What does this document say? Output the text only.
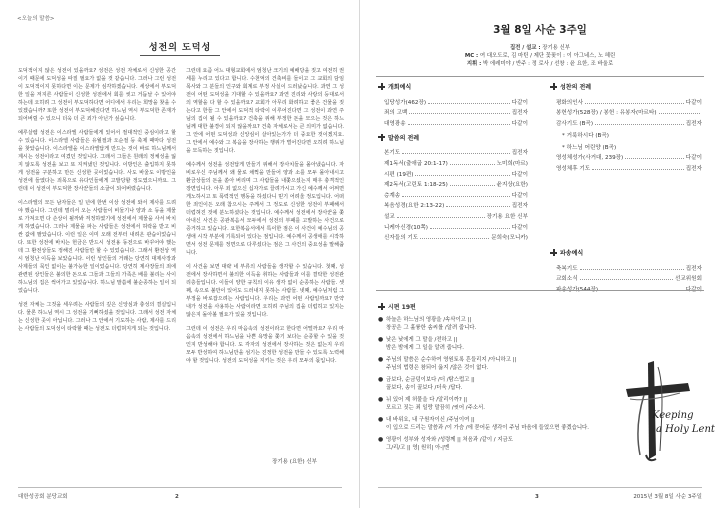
<오늘의 말씀>
성전의 도덕성

도덕적이지 않은 성전이 있을까요? 성전은 성전 자체로서 신성한 공간이기 때문에 도덕성을 따질 필요가 없을 것 같습니다. 그러나 그런 성전이 도덕적이지 못하다면 이는 문제가 심각하겠습니다. 세상에서 부도덕한 일을 저지른 사람들이 신성한 성전에서 회를 씻고 거듭날 수 있어야 하는데 오히려 그 성전이 부도덕하다면 어디에서 우리는 희망을 찾을 수 있겠습니까? 또한 성전이 부도덕해진다면 하느님 역시 부도덕한 존재가 되어버릴 수 있으니 더욱 더 큰 죄가 아닌가 싶습니다.

예루살렘 성전은 이스라엘 사람들에게 있어서 절대적인 중심이라고 할 수 있습니다. 이스라엘 사람들은 유월절과 오순절 등 축제 때마다 성전을 찾았습니다. 이스라엘을 이스라엘답게 만드는 것이 바로 하느님께서 계시는 성전이라고 여겼던 것입니다. 그래서 그들은 원래의 정체성을 잃지 않도록 성전을 보고 또 지켜냈던 것입니다. 이방인은 출입하지 못하게 성전을 구분하고 만든 신성한 곳이었습니다. 사도 바울도 이방인을 성전에 들였다는 죄목으로 유다인들에게 고발당할 정도였으니까요. 그런데 이 성전이 부도덕한 장사꾼들의 소굴이 되어버렸습니다.

이스라엘의 모든 남자들은 일 년에 한번 이상 성전에 와서 제사를 드려야 했습니다. 그런데 멀리서 오는 사람들이 비둘기나 양과 소 등을 제물로 가져오면 다 손상이 될까봐 걱정하였기에 성전에서 제물을 사서 바치게 하였습니다. 그러나 제물을 파는 사람들은 성전에서 허락을 받고 비싼 값에 팔았습니다. 이런 일은 이미 오래 전부터 내려온 관습이었습니다. 또한 성전에 바치는 헌금은 반드시 성전용 동전으로 바꾸어야 했는데 그 환전상들도 정해진 사람들만 할 수 있었습니다. 그래서 환전상 역시 엄청난 이득을 보았습니다. 이런 성인들의 거래는 당연히 대제사장과 사제들의 묵인 없이는 불가능한 일이었습니다. 당연히 제사장들의 죄에 관련된 상인들은 불의한 돈으로 그들과 그들의 가족은 배를 불리는 사이 하느님의 집은 썩어가고 있었습니다. 하느님 말씀에 불순종하는 일이 되었습니다.

성전 자체는 그것을 세우려는 사람들의 깊은 신앙심과 충성의 결실입니다. 물론 하느님 역시 그 성전을 기뻐하셨을 것입니다. 그래서 성전 자체는 신성한 곳이 아닙니다. 그러나 그 안에서 기도하는 사람, 제사를 드리는 사람들의 도덕성이 타락할 때는 성전도 더럽혀지게 되는 것입니다.

그런데 요즘 어느 대형교회에서 엄청난 크기의 예배당을 짓고 여전히 권세를 누리고 있다고 합니다. 수천억의 건축비를 들이고 그 교회의 담임목사와 그 분들의 인구와 회계로 부정 사실이 드러났습니다. 과연 그 성전이 어떤 도덕성을 기대할 수 있을까요? 과연 진리와 사랑의 등대로서의 역할을 다 할 수 있을까요? 교회가 아무리 화려하고 좋은 건물을 짓는다고 한들 그 안에서 도덕적 타락이 이루어진다면 그 성전이 과연 주님의 집이 될 수 있을까요? 건축을 위해 부정한 돈을 모으는 것은 하느님께 대한 불경이 되지 않을까요? 건축 자체로서는 큰 의미가 없습니다. 그 안에 어떤 도덕성과 신앙심이 살아있는가가 더 중요한 것이겠지요. 그 안에서 예수와 그 복음을 장사하는 행위가 벌어진다면 오히려 하느님을 모독하는 짓입니다.

예수께서 성전을 성전답게 만들기 위해서 장사치들을 몰아냈습니다. 자비로우신 주님께서 왜 물로 채찍을 만들어 양과 소를 모두 몰아내시고 환금상들의 돈을 쏟아 버리며 그 사람들을 내쫓으셨는지 매우 충격적인 장면입니다. 아무 죄 없으신 십자가로 끌려가시고 가신 예수께서 어쩌면 게노하시고 또 폭력적인 행동을 하셨다니 믿기 어려울 정도입니다. 어떠한 죄인이든 오래 참으시는 주께서 그 정도로 신성한 성전이 부패해서 더럽혀진 것에 분노하셨다는 것입니다. 예수께서 성전에서 장사꾼을 쫓아내신 사건은 공관복음서 모두에서 성전의 부패를 고발하는 사건으로 증거하고 있습니다. 요한복음서에서 특이한 점은 이 사건이 예수님의 공생애 시작 부분에 기록되어 있다는 점입니다. 예수께서 공생애를 시작하면서 성전 문제를 정면으로 다루셨다는 점은 그 사건의 중요성을 말해줍니다.

이 사건을 보면 대략 네 부류의 사람들을 생각할 수 있습니다. 첫째, 성전에서 장사하면서 불의한 이득을 취하는 사람들과 이를 결탁한 성전관리층들입니다. 이들이 양한 규칙의 이유 생각 없이 순종하는 사람들. 셋째, 속으로 불만이 있어도 드러내지 못하는 사람들. 넷째, 예수님처럼 그 부정을 바로잡으려는 사람입니다. 우리는 과연 어떤 사람일까요? 만약 내가 성전을 사용하는 사람이라면 오히려 주님의 집을 더럽히고 있지는 않은지 돌아볼 필요가 있을 것입니다.

그런데 이 성전은 우리 마음속의 성전이라고 한다면 어떨까요? 우리 마음속의 성전에서 하느님을 나쁜 욕망을 쫓기 보다는 순종할 수 있을 것인지 반성해야 합니다. 도 각자의 성전에서 장사하는 것은 없는지 우리 모두 반성하여 하느님만을 섬기는 진정한 성전을 만들 수 있도록 노력해야 할 것입니다. 성전의 도덕성을 지키는 것은 우리 모두의 몫입니다.

장기용 (요한) 신부
대한성공회 분당교회	2
3월 8일 사순 3주일
집전 / 설교 : 장기용 신부
MC : 여 대오도로, 김 마틴 / 제단 꽃꽂이 : 이 아그네스, 노 헤린
지휘 : 박 에레미야 / 반주 : 정 로사 / 선창 : 윤 요한, 조 바울로
개회예식
입당성가(462장)	다같이
죄의 고백	집전자
대영광송	다같이
말씀의 전례
본기도	집전자
제1독서(출애굽 20:1-17)	노미희(마르)
시편 (19편)	다같이
제2독서(고린토 1:18-25)	윤지상(요한)
층계송	다같이
복음성경(요한 2:13-22)	집전자
설교	장기용 요한 신부
니케아신경(10쪽)	다같이
신자들의 기도	문희숙(모니카)
성찬의 전례
평화의인사	다같이
봉헌성가(528장) / 봉헌 : 유봉자(마르타)
감사기도 (B곡)	집전자
* 거룩하시다 (B곡)
* 하느님 어린양 (B곡)
영성체성가(사거대, 239장)	다같이
영성체후 기도	집전자
파송예식
축복기도	집전자
교회소식	선교위원회
파송성가(544장)	다같이
시편 19편
● 하늘은 하느님의 영광을 /속삭이고 ||
창공은 그 훌륭한 솜씨를 /알려 줍니다.
● 낮은 낮에게 그 말을 /전하고 ||
밤은 밤에게 그 일을 알려 줍니다.
● 주님의 말씀은 순수하여 영원토록 흔들리지 /아니하고 ||
주님의 법령은 참되어 옳지 /않은 것이 없다.
● 금보다, 순금덩이보다 /더 /탐스럽고 ||
꿀보다, 송이 꿀보다 /더욱 /답다.
● 뉘 있어 제 허물을 다 /알리이까? ||
모르고 짓는 죄 일랑 말끔히 /씻어 /주소서.
● 내 바위요, 내 구원자이신 /주님이여 ||
이 입으로 드리는 말씀과 /이 가슴 /에 묻어둔 생각이 주님 마음에 들었으면 좋겠습니다.
● 영광이 성부와 성자와 /성령께 || 처음과 /같이 / 지금도
그/리/고 || 영| 원히| 아-|멘
Keeping
a Holy Lent
3	2015년 3월 8일 사순 3주일
